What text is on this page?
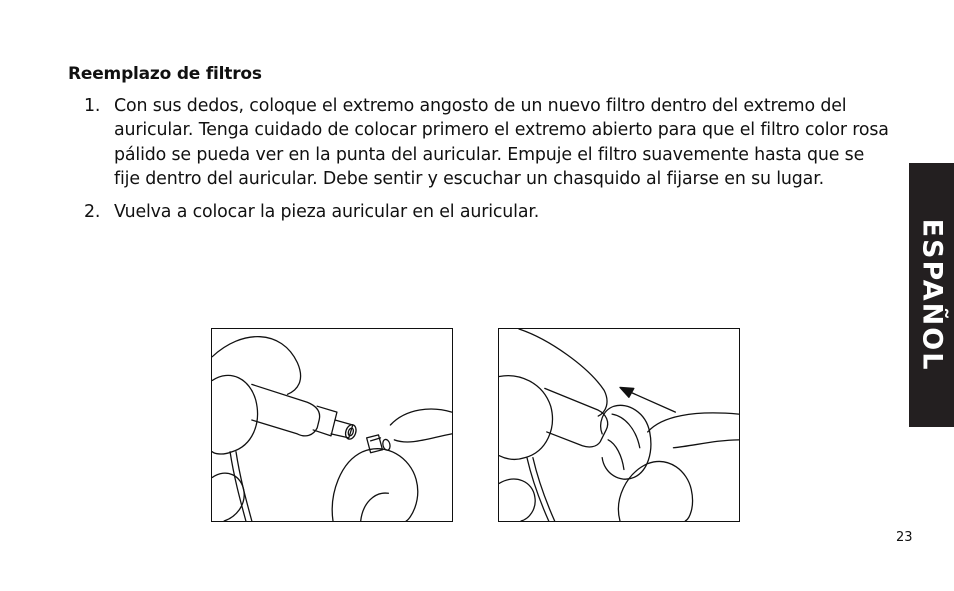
Reemplazo de filtros
1. Con sus dedos, coloque el extremo angosto de un nuevo filtro dentro del extremo del auricular. Tenga cuidado de colocar primero el extremo abierto para que el filtro color rosa pálido se pueda ver en la punta del auricular. Empuje el filtro suavemente hasta que se fije dentro del auricular. Debe sentir y escuchar un chasquido al fijarse en su lugar.
2. Vuelva a colocar la pieza auricular en el auricular.
ESPAÑOL
23
